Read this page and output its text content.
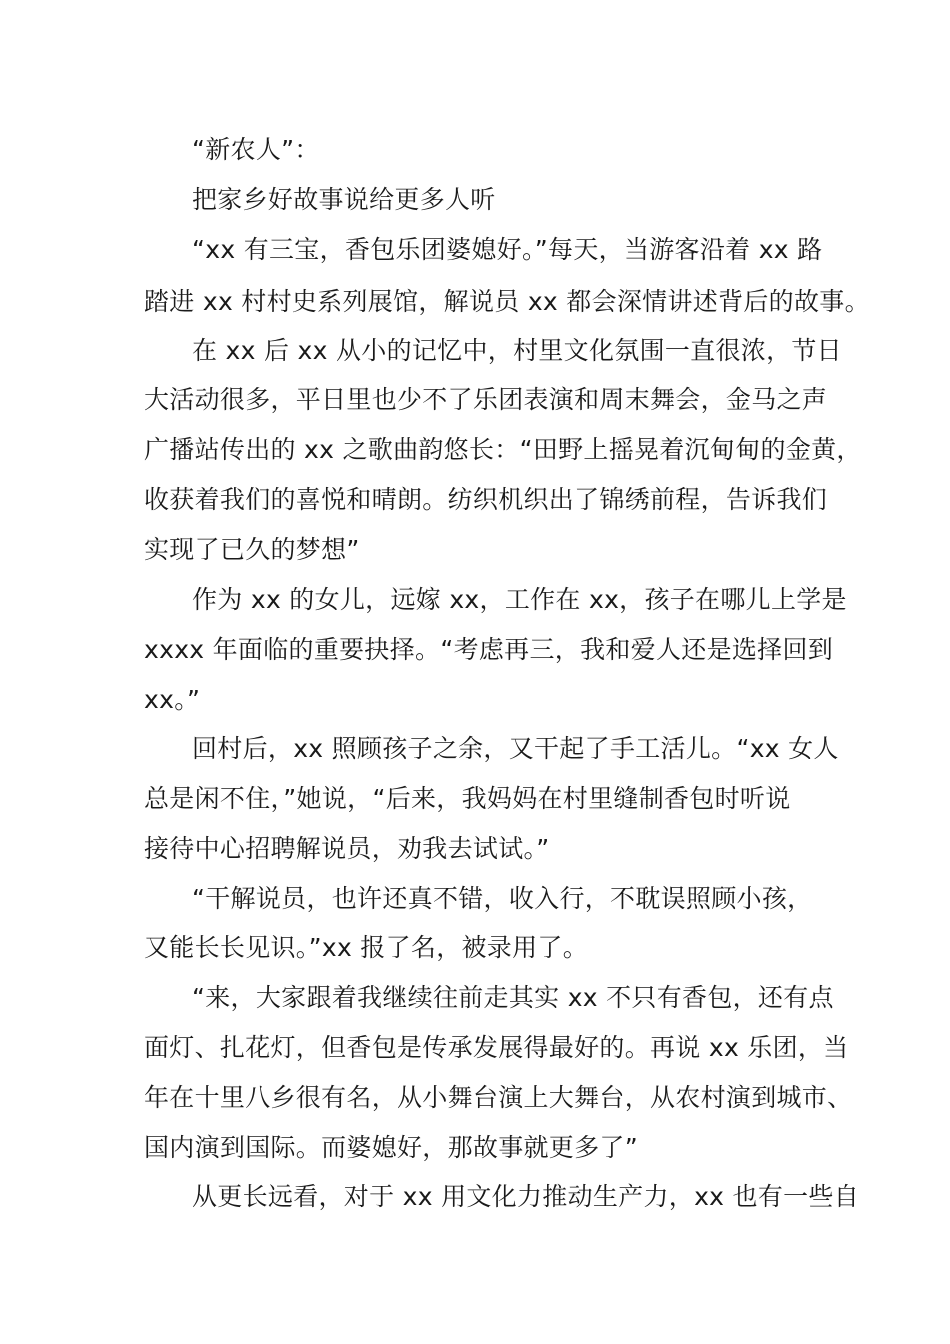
“新农人”：
把家乡好故事说给更多人听
“xx 有三宝，香包乐团婆媳好。”每天，当游客沿着 xx 路
踏进 xx 村村史系列展馆，解说员 xx 都会深情讲述背后的故事。
在 xx 后 xx 从小的记忆中，村里文化氛围一直很浓，节日
大活动很多，平日里也少不了乐团表演和周末舞会，金马之声
广播站传出的 xx 之歌曲韵悠长：“田野上摇晃着沉甸甸的金黄，
收获着我们的喜悦和晴朗。纺织机织出了锦绣前程，告诉我们
实现了已久的梦想”
作为 xx 的女儿，远嫁 xx，工作在 xx，孩子在哪儿上学是
xxxx 年面临的重要抉择。“考虑再三，我和爱人还是选择回到
xx。”
回村后，xx 照顾孩子之余，又干起了手工活儿。“xx 女人
总是闲不住，”她说，“后来，我妈妈在村里缝制香包时听说
接待中心招聘解说员，劝我去试试。”
“干解说员，也许还真不错，收入行，不耽误照顾小孩，
又能长长见识。”xx 报了名，被录用了。
“来，大家跟着我继续往前走其实 xx 不只有香包，还有点
面灯、扎花灯，但香包是传承发展得最好的。再说 xx 乐团，当
年在十里八乡很有名，从小舞台演上大舞台，从农村演到城市、
国内演到国际。而婆媳好，那故事就更多了”
从更长远看，对于 xx 用文化力推动生产力，xx 也有一些自
